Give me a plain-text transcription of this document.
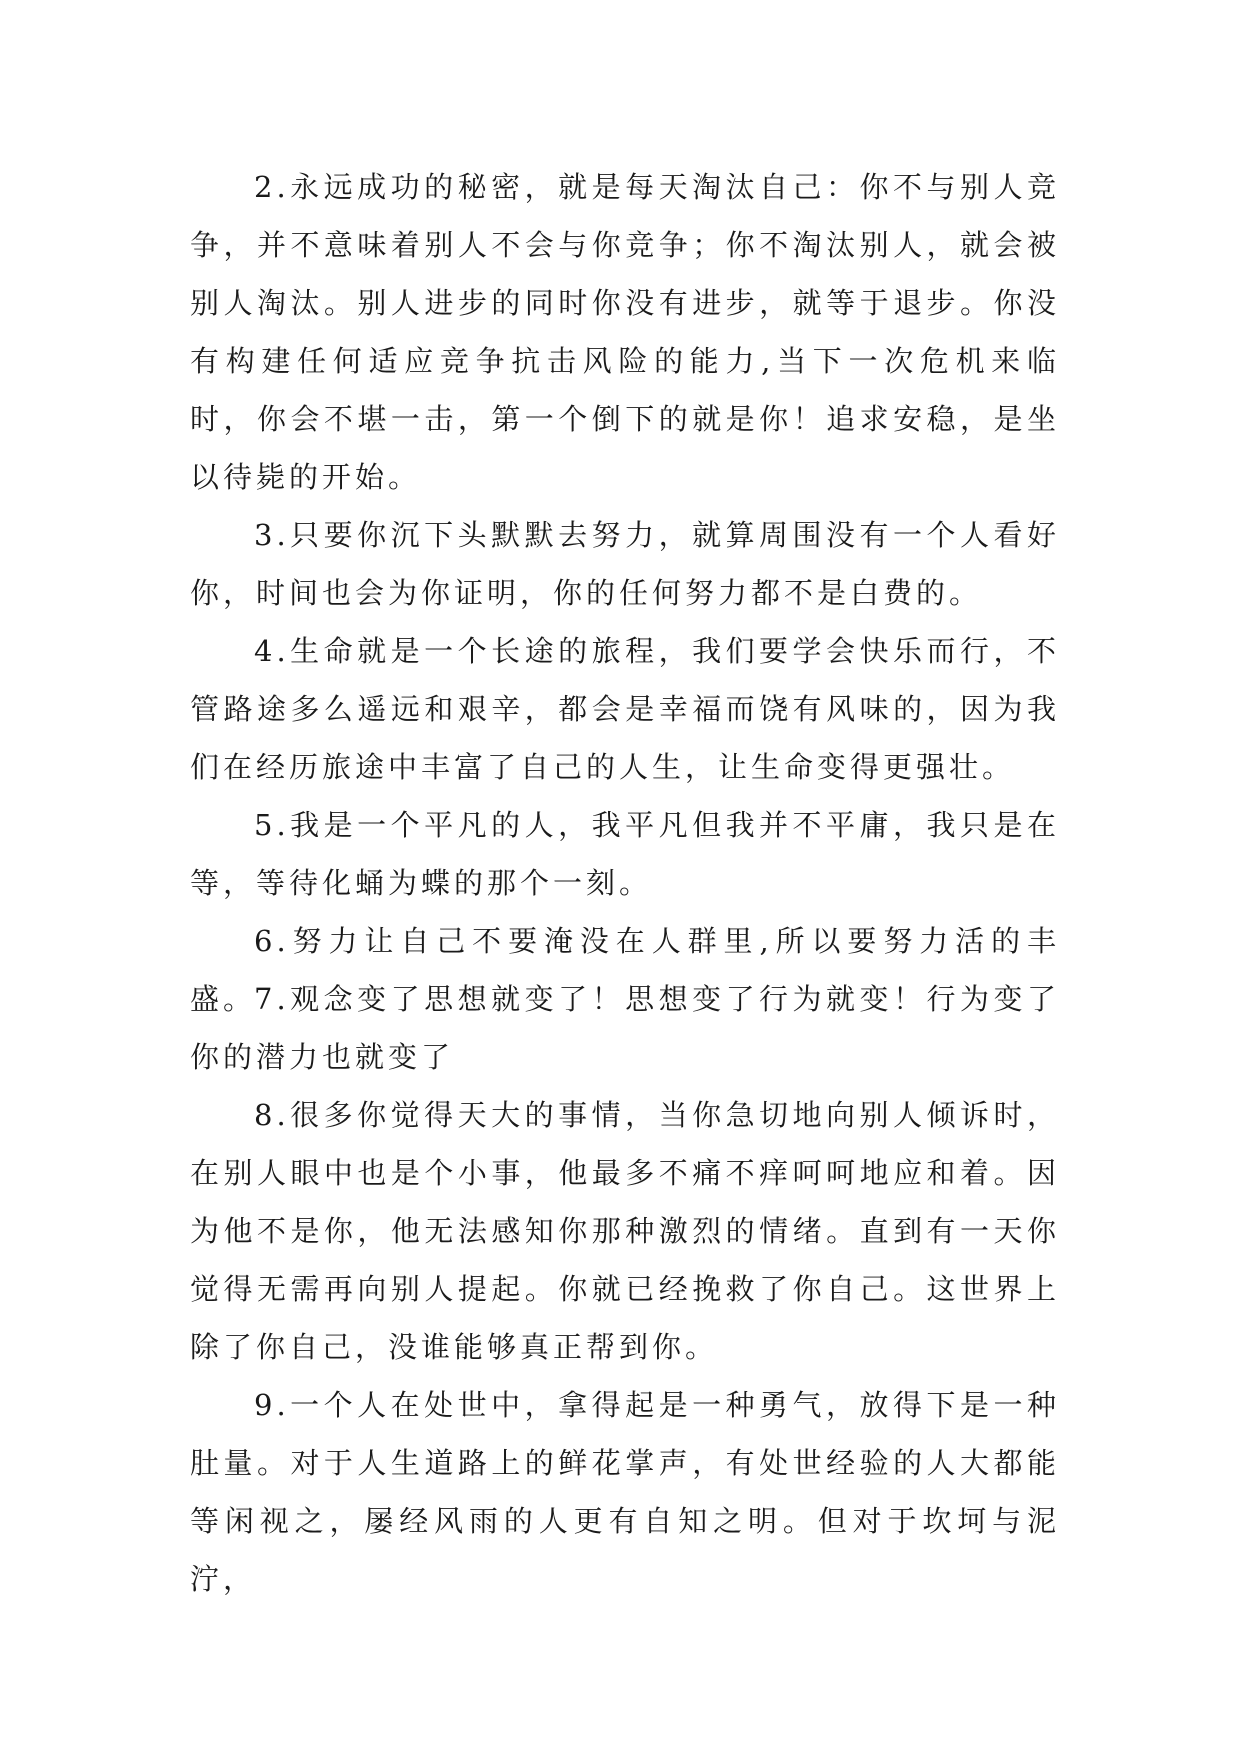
2.永远成功的秘密，就是每天淘汰自己：你不与别人竞争，并不意味着别人不会与你竞争；你不淘汰别人，就会被别人淘汰。别人进步的同时你没有进步，就等于退步。你没有构建任何适应竞争抗击风险的能力,当下一次危机来临时，你会不堪一击，第一个倒下的就是你！追求安稳，是坐以待毙的开始。

3.只要你沉下头默默去努力，就算周围没有一个人看好你，时间也会为你证明，你的任何努力都不是白费的。

4.生命就是一个长途的旅程，我们要学会快乐而行，不管路途多么遥远和艰辛，都会是幸福而饶有风味的，因为我们在经历旅途中丰富了自己的人生，让生命变得更强壮。

5.我是一个平凡的人，我平凡但我并不平庸，我只是在等，等待化蛹为蝶的那个一刻。

6.努力让自己不要淹没在人群里,所以要努力活的丰盛。

7.观念变了思想就变了！思想变了行为就变！行为变了你的潜力也就变了

8.很多你觉得天大的事情，当你急切地向别人倾诉时，在别人眼中也是个小事，他最多不痛不痒呵呵地应和着。因为他不是你，他无法感知你那种激烈的情绪。直到有一天你觉得无需再向别人提起。你就已经挽救了你自己。这世界上除了你自己，没谁能够真正帮到你。

9.一个人在处世中，拿得起是一种勇气，放得下是一种肚量。对于人生道路上的鲜花掌声，有处世经验的人大都能等闲视之，屡经风雨的人更有自知之明。但对于坎坷与泥泞，
